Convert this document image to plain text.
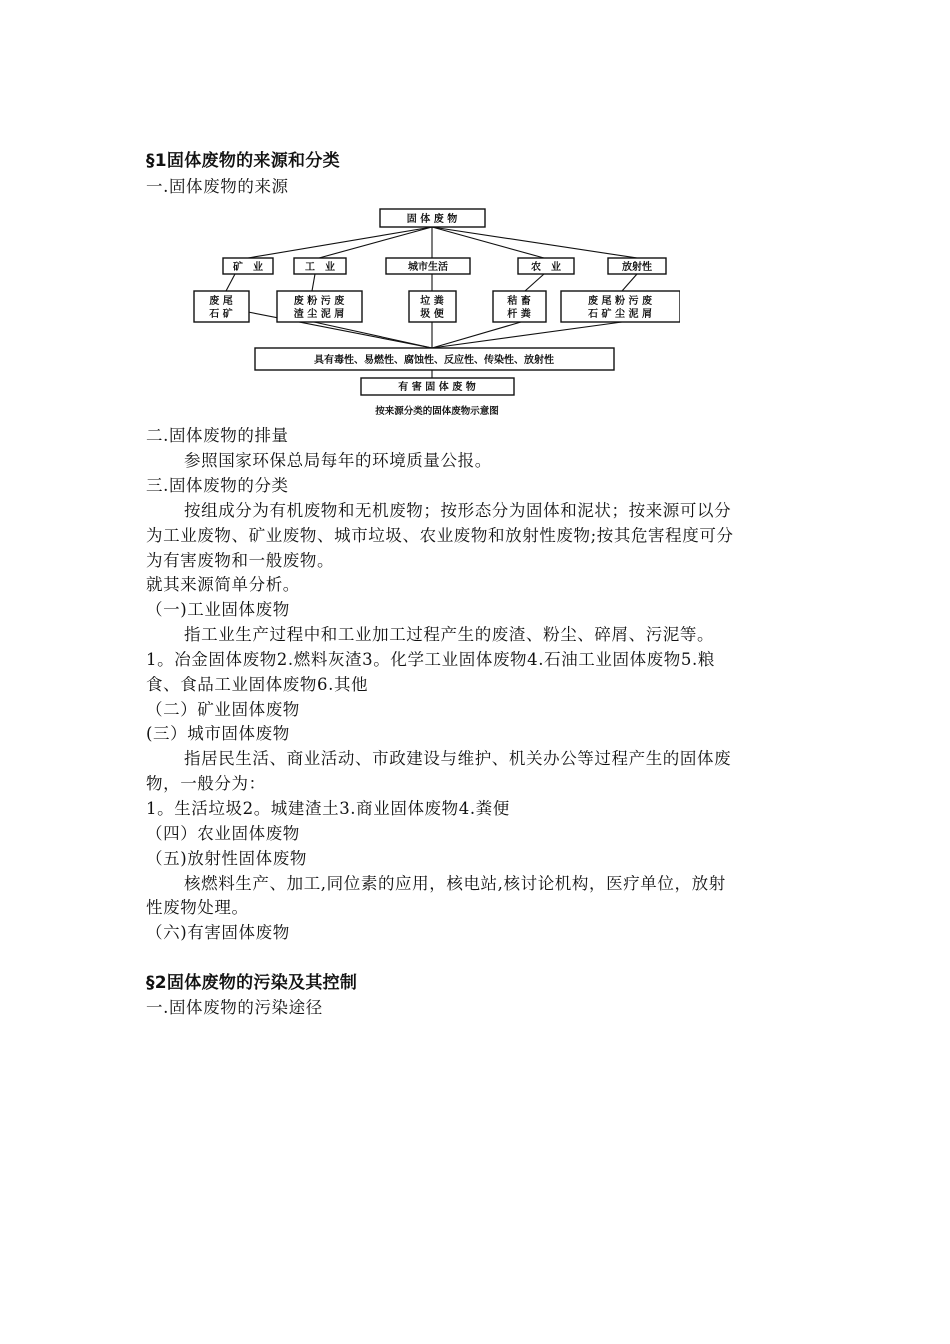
§1固体废物的来源和分类
一.固体废物的来源
固 体 废 物
矿　业	工　业	城市生活	农　业	放射性
废 尾
石 矿
废 粉 污 废
渣 尘 泥 屑
垃 粪
圾 便
秸 畜
杆 粪
废 尾 粉 污 废
石 矿 尘 泥 屑
具有毒性、易燃性、腐蚀性、反应性、传染性、放射性
有 害 固 体 废 物
按来源分类的固体废物示意图
二.固体废物的排量
参照国家环保总局每年的环境质量公报。
三.固体废物的分类
按组成分为有机废物和无机废物；按形态分为固体和泥状；按来源可以分
为工业废物、矿业废物、城市垃圾、农业废物和放射性废物;按其危害程度可分
为有害废物和一般废物。
就其来源简单分析。
（一)工业固体废物
指工业生产过程中和工业加工过程产生的废渣、粉尘、碎屑、污泥等。
1。冶金固体废物2.燃料灰渣3。化学工业固体废物4.石油工业固体废物5.粮
食、食品工业固体废物6.其他
（二）矿业固体废物
(三）城市固体废物
指居民生活、商业活动、市政建设与维护、机关办公等过程产生的固体废
物，一般分为：
1。生活垃圾2。城建渣土3.商业固体废物4.粪便
（四）农业固体废物
（五)放射性固体废物
核燃料生产、加工,同位素的应用，核电站,核讨论机构，医疗单位，放射
性废物处理。
（六)有害固体废物
§2固体废物的污染及其控制
一.固体废物的污染途径
